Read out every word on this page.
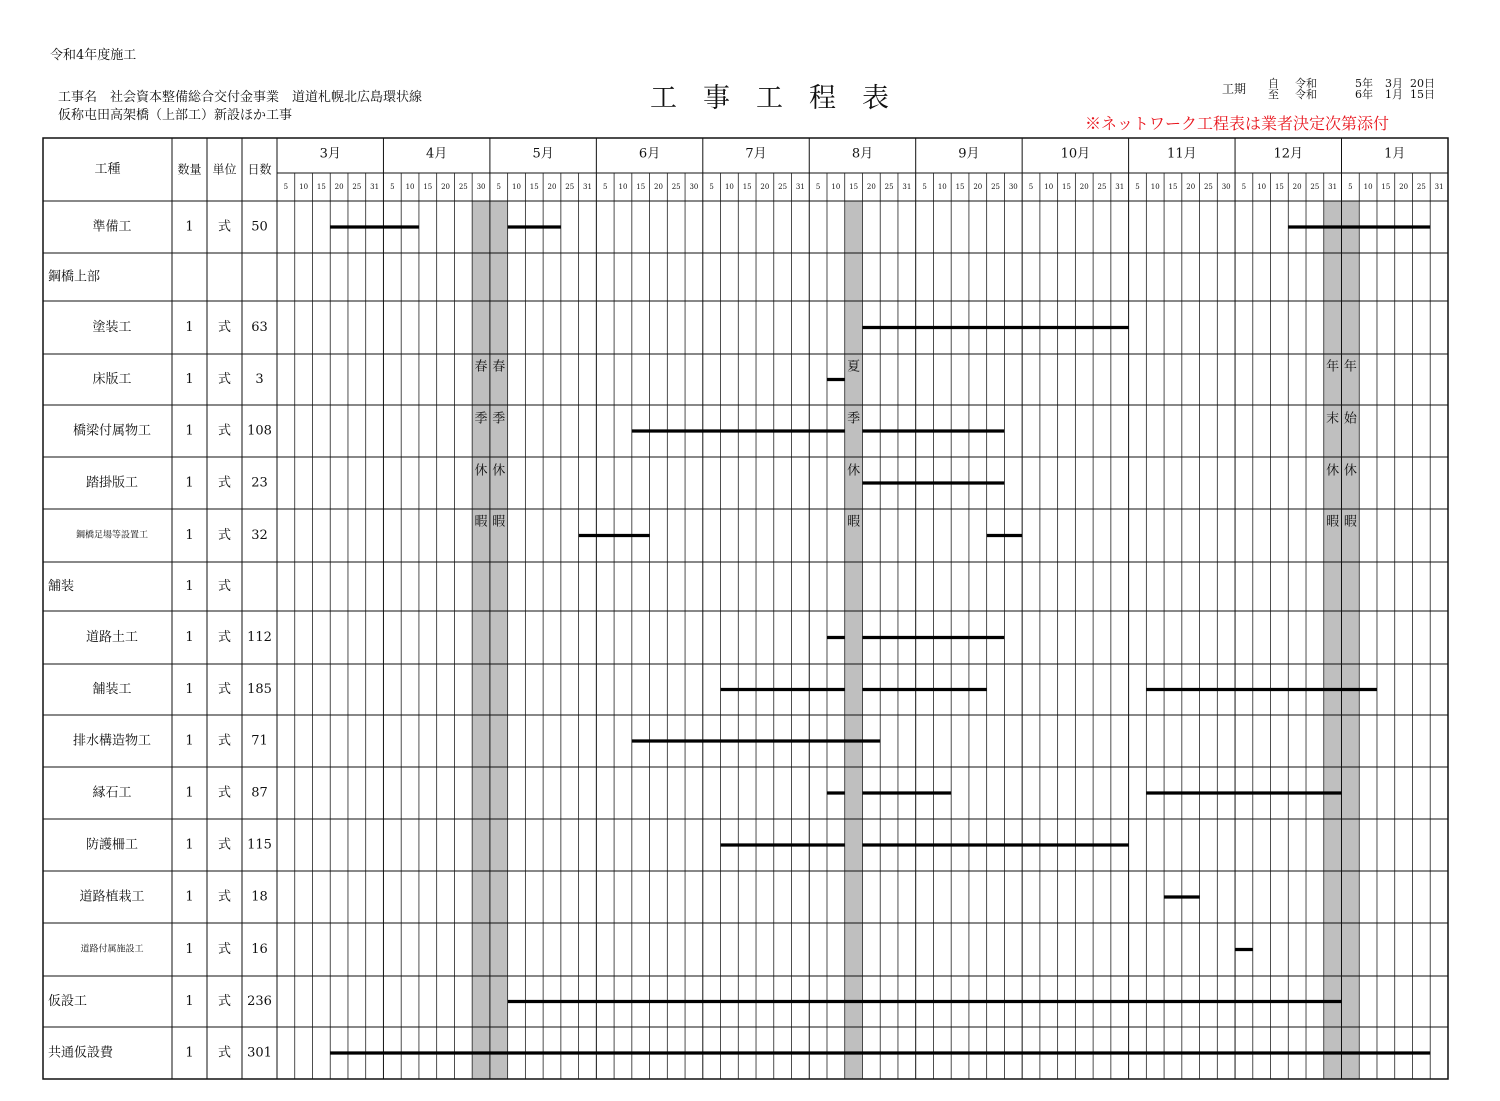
令和4年度施工
工事名　社会資本整備総合交付金事業　道道札幌北広島環状線
仮称屯田高架橋（上部工）新設ほか工事
工事工程表	工期 自
至
令和
令和
5年
6年
3月
1月
20日
15日
※ネットワーク工程表は業者決定次第添付
春
季
休
暇
春
季
休
暇
夏
季
休
暇
年
末
休
暇
年
始
休
暇
工種	数量 単位 日数
3月
5 10 15 20 25 31
4月
5 10 15 20 25 30
5月
5 10 15 20 25 31
6月
5 10 15 20 25 30
7月
5 10 15 20 25 31
8月
5 10 15 20 25 31
9月
5 10 15 20 25 30
10月
5 10 15 20 25 31
11月
5 10 15 20 25 30
12月
5 10 15 20 25 31
1月
5 10 15 20 25 31
準備工	1 式 50
鋼橋上部
塗装工	1 式 63
床版工	1 式 3
橋梁付属物工	1 式 108
踏掛版工	1 式 23
鋼橋足場等設置工	1 式 32
舗装	1 式
道路土工	1 式 112
舗装工	1 式 185
排水構造物工	1 式 71
縁石工	1 式 87
防護柵工	1 式 115
道路植栽工	1 式 18
道路付属施設工	1 式 16
仮設工	1 式 236
共通仮設費	1 式 301
